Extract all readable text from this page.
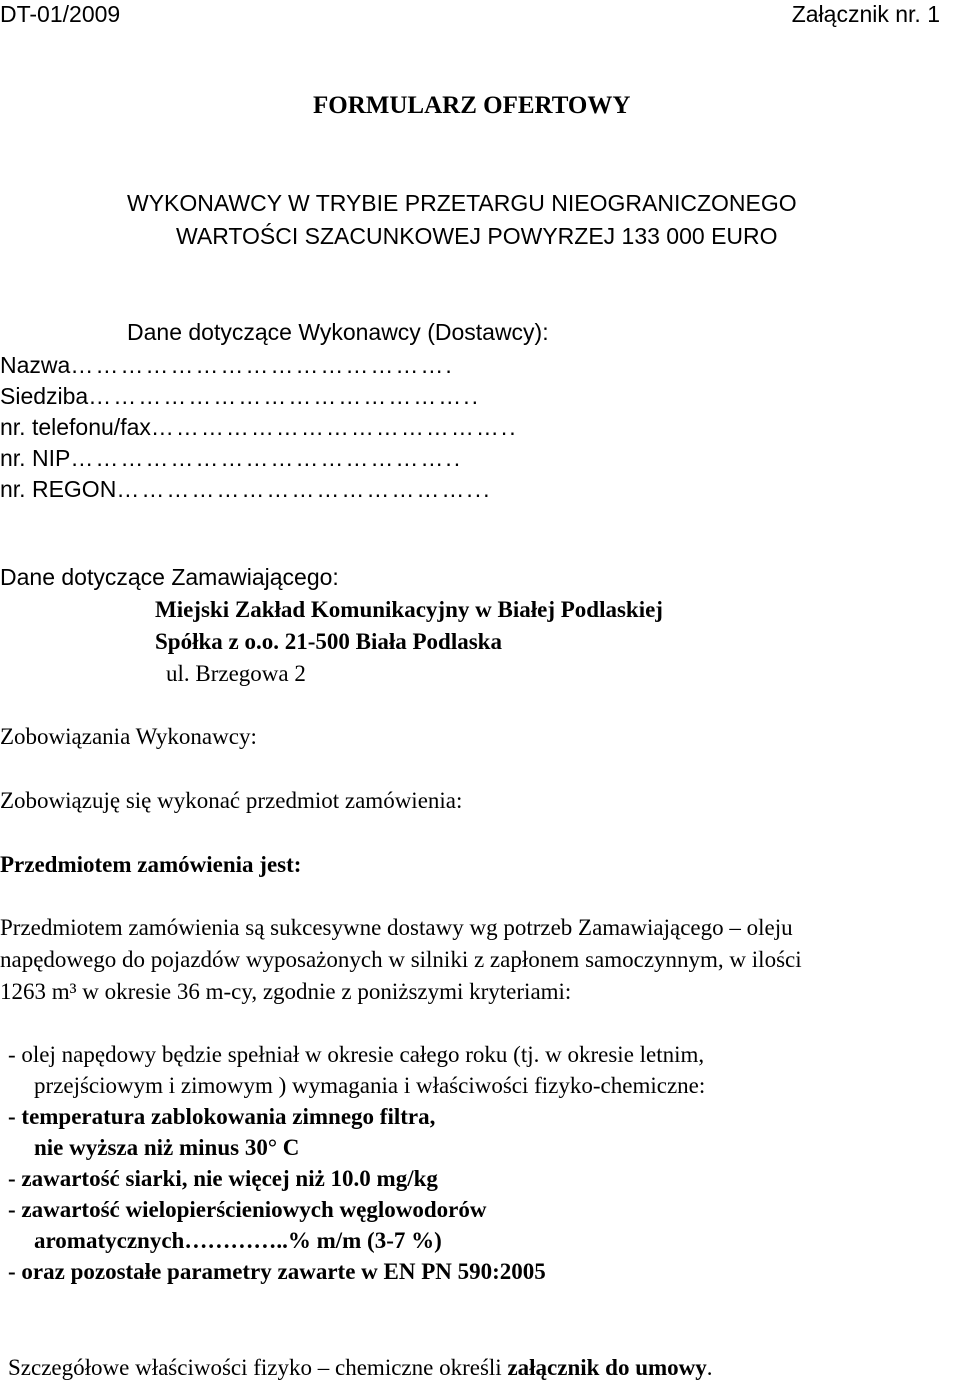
DT-01/2009	Załącznik nr. 1
FORMULARZ OFERTOWY
WYKONAWCY W TRYBIE PRZETARGU NIEOGRANICZONEGO
WARTOŚCI SZACUNKOWEJ POWYRZEJ 133 000 EURO
Dane dotyczące Wykonawcy (Dostawcy):
Nazwa……………………………………….
Siedziba………………………………………..
nr. telefonu/fax……………………………………..
nr. NIP………………………………………..
nr. REGON……………………………………...
Dane dotyczące Zamawiającego:
Miejski Zakład Komunikacyjny w Białej Podlaskiej
Spółka z o.o. 21-500 Biała Podlaska
ul. Brzegowa 2
Zobowiązania Wykonawcy:
Zobowiązuję się wykonać przedmiot zamówienia:
Przedmiotem zamówienia jest:
Przedmiotem zamówienia są sukcesywne dostawy wg potrzeb Zamawiającego – oleju
napędowego do pojazdów wyposażonych w silniki z zapłonem samoczynnym, w ilości
1263 m³ w okresie 36 m-cy, zgodnie z poniższymi kryteriami:
- olej napędowy będzie spełniał w okresie całego roku (tj. w okresie letnim,
przejściowym i zimowym ) wymagania i właściwości fizyko-chemiczne:
- temperatura zablokowania zimnego filtra,
nie wyższa niż minus 30° C
- zawartość siarki, nie więcej niż 10.0 mg/kg
- zawartość wielopierścieniowych węglowodorów
aromatycznych…………..% m/m (3-7 %)
- oraz pozostałe parametry zawarte w EN PN 590:2005
Szczegółowe właściwości fizyko – chemiczne określi załącznik do umowy.
